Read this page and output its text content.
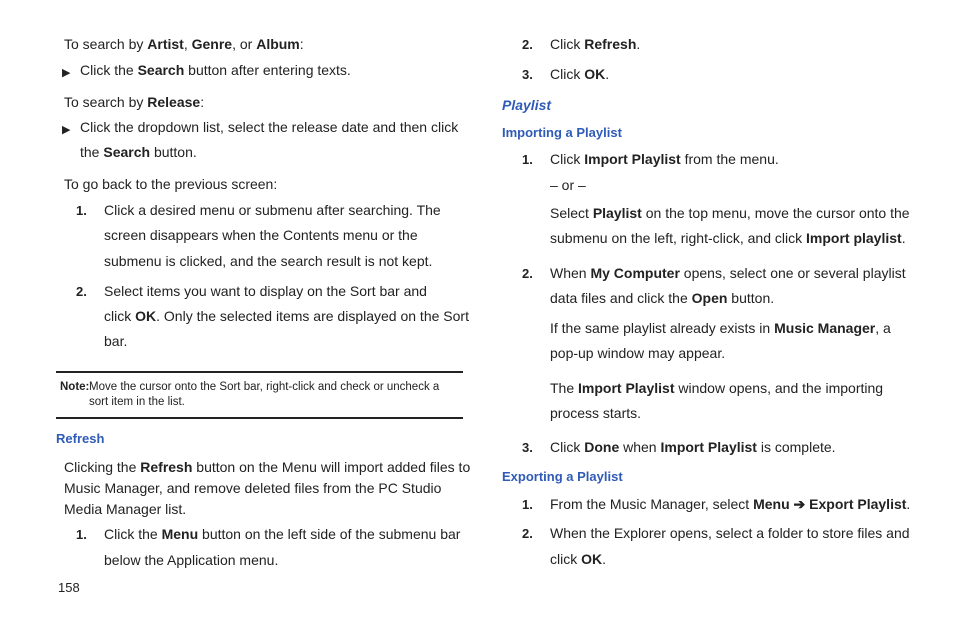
To search by Artist, Genre, or Album:
▶ Click the Search button after entering texts.
To search by Release:
▶ Click the dropdown list, select the release date and then click
the Search button.
To go back to the previous screen:
1. Click a desired menu or submenu after searching. The
screen disappears when the Contents menu or the
submenu is clicked, and the search result is not kept.
2. Select items you want to display on the Sort bar and
click OK. Only the selected items are displayed on the Sort
bar.
Refresh
Clicking the Refresh button on the Menu will import added files to
Music Manager, and remove deleted files from the PC Studio
Media Manager list.
1. Click the Menu button on the left side of the submenu bar
below the Application menu.
Note: Move the cursor onto the Sort bar, right-click and check or uncheck a
sort item in the list.
158
2. Click Refresh.
3. Click OK.
Playlist
Importing a Playlist
1. Click Import Playlist from the menu.
– or –
Select Playlist on the top menu, move the cursor onto the
submenu on the left, right-click, and click Import playlist.
2. When My Computer opens, select one or several playlist
data files and click the Open button.
If the same playlist already exists in Music Manager, a
pop-up window may appear.
The Import Playlist window opens, and the importing
process starts.
3. Click Done when Import Playlist is complete.
Exporting a Playlist
1. From the Music Manager, select Menu ➔ Export Playlist.
2. When the Explorer opens, select a folder to store files and
click OK.
